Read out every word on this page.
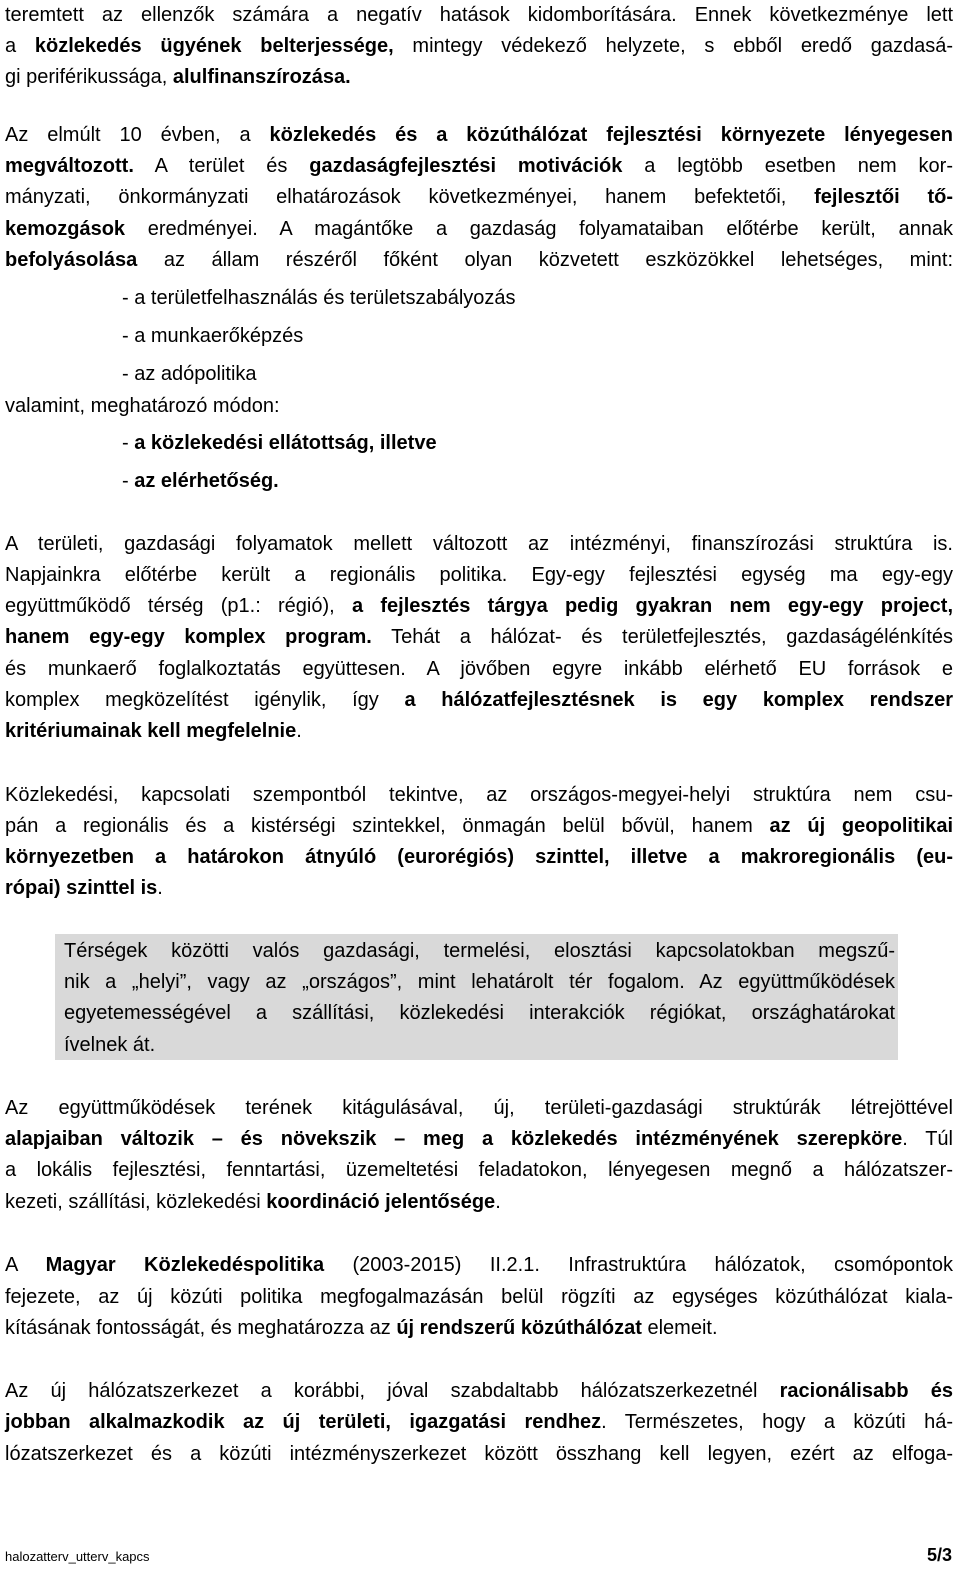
teremtett az ellenzők számára a negatív hatások kidomborítására. Ennek következménye lett
a közlekedés ügyének belterjessége, mintegy védekező helyzete, s ebből eredő gazdasá-
gi periférikussága, alulfinanszírozása.
Az elmúlt 10 évben, a közlekedés és a közúthálózat fejlesztési környezete lényegesen
megváltozott. A terület és gazdaságfejlesztési motivációk a legtöbb esetben nem kor-
mányzati, önkormányzati elhatározások következményei, hanem befektetői, fejlesztői tő-
kemozgások eredményei. A magántőke a gazdaság folyamataiban előtérbe került, annak
befolyásolása az állam részéről főként olyan közvetett eszközökkel lehetséges, mint:
- a területfelhasználás és területszabályozás
- a munkaerőképzés
- az adópolitika
valamint, meghatározó módon:
- a közlekedési ellátottság, illetve
- az elérhetőség.
A területi, gazdasági folyamatok mellett változott az intézményi, finanszírozási struktúra is.
Napjainkra előtérbe került a regionális politika. Egy-egy fejlesztési egység ma egy-egy
együttműködő térség (p1.: régió), a fejlesztés tárgya pedig gyakran nem egy-egy project,
hanem egy-egy komplex program. Tehát a hálózat- és területfejlesztés, gazdaságélénkítés
és munkaerő foglalkoztatás együttesen. A jövőben egyre inkább elérhető EU források e
komplex megközelítést igénylik, így a hálózatfejlesztésnek is egy komplex rendszer
kritériumainak kell megfelelnie.
Közlekedési, kapcsolati szempontból tekintve, az országos-megyei-helyi struktúra nem csu-
pán a regionális és a kistérségi szintekkel, önmagán belül bővül, hanem az új geopolitikai
környezetben a határokon átnyúló (eurorégiós) szinttel, illetve a makroregionális (eu-
rópai) szinttel is.
Térségek közötti valós gazdasági, termelési, elosztási kapcsolatokban megszű-
nik a „helyi”, vagy az „országos”, mint lehatárolt tér fogalom. Az együttműködések
egyetemességével a szállítási, közlekedési interakciók régiókat, országhatárokat
ívelnek át.
Az együttműködések terének kitágulásával, új, területi-gazdasági struktúrák létrejöttével
alapjaiban változik – és növekszik – meg a közlekedés intézményének szerepköre. Túl
a lokális fejlesztési, fenntartási, üzemeltetési feladatokon, lényegesen megnő a hálózatszer-
kezeti, szállítási, közlekedési koordináció jelentősége.
A Magyar Közlekedéspolitika (2003-2015) II.2.1. Infrastruktúra hálózatok, csomópontok
fejezete, az új közúti politika megfogalmazásán belül rögzíti az egységes közúthálózat kiala-
kításának fontosságát, és meghatározza az új rendszerű közúthálózat elemeit.
Az új hálózatszerkezet a korábbi, jóval szabdaltabb hálózatszerkezetnél racionálisabb és
jobban alkalmazkodik az új területi, igazgatási rendhez. Természetes, hogy a közúti há-
lózatszerkezet és a közúti intézményszerkezet között összhang kell legyen, ezért az elfoga-
halozatterv_utterv_kapcs	5/3
